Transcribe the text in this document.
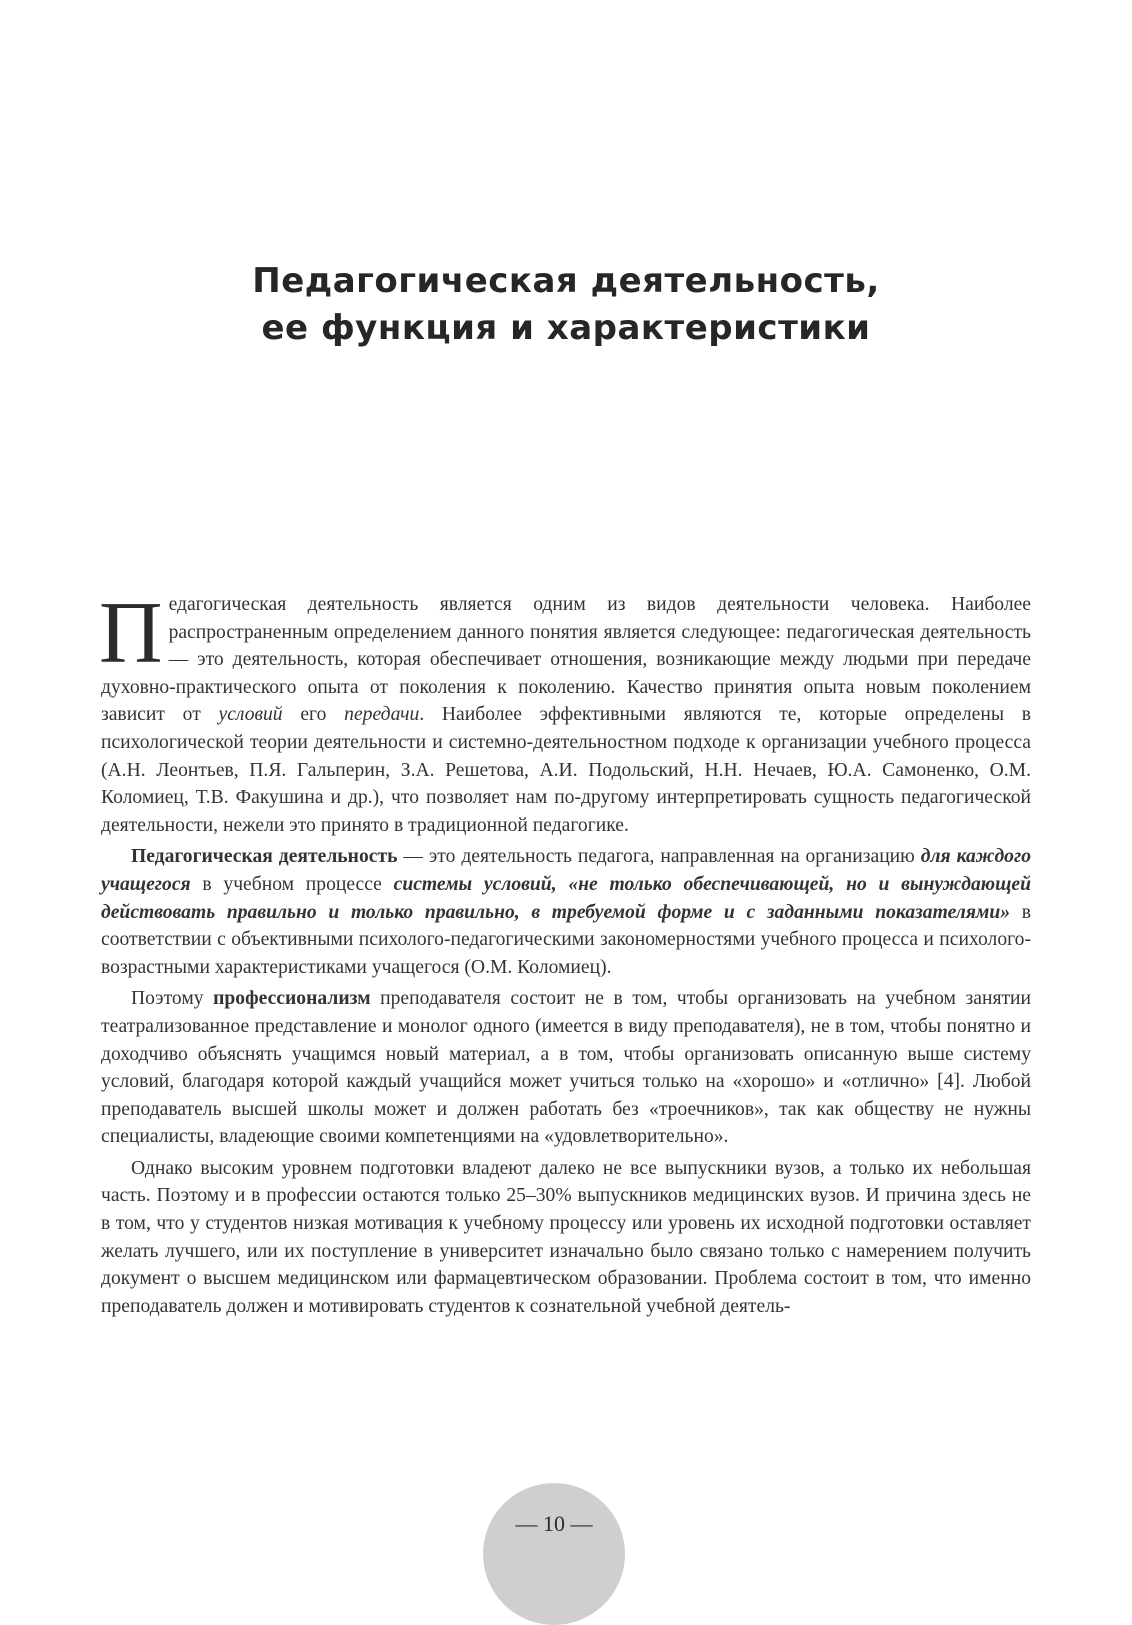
Педагогическая деятельность,
ее функция и характеристики

Педагогическая деятельность является одним из видов деятельности человека. Наиболее распространенным определением данного понятия является следующее: педагогическая деятельность — это деятельность, которая обеспечивает отношения, возникающие между людьми при передаче духовно-практического опыта от поколения к поколению. Качество принятия опыта новым поколением зависит от условий его передачи. Наиболее эффективными являются те, которые определены в психологической теории деятельности и системно-деятельностном подходе к организации учебного процесса (А.Н. Леонтьев, П.Я. Гальперин, З.А. Решетова, А.И. Подольский, Н.Н. Нечаев, Ю.А. Самоненко, О.М. Коломиец, Т.В. Факушина и др.), что позволяет нам по-другому интерпретировать сущность педагогической деятельности, нежели это принято в традиционной педагогике.

Педагогическая деятельность — это деятельность педагога, направленная на организацию для каждого учащегося в учебном процессе системы условий, «не только обеспечивающей, но и вынуждающей действовать правильно и только правильно, в требуемой форме и с заданными показателями» в соответствии с объективными психолого-педагогическими закономерностями учебного процесса и психолого-возрастными характеристиками учащегося (О.М. Коломиец).

Поэтому профессионализм преподавателя состоит не в том, чтобы организовать на учебном занятии театрализованное представление и монолог одного (имеется в виду преподавателя), не в том, чтобы понятно и доходчиво объяснять учащимся новый материал, а в том, чтобы организовать описанную выше систему условий, благодаря которой каждый учащийся может учиться только на «хорошо» и «отлично» [4]. Любой преподаватель высшей школы может и должен работать без «троечников», так как обществу не нужны специалисты, владеющие своими компетенциями на «удовлетворительно».

Однако высоким уровнем подготовки владеют далеко не все выпускники вузов, а только их небольшая часть. Поэтому и в профессии остаются только 25–30% выпускников медицинских вузов. И причина здесь не в том, что у студентов низкая мотивация к учебному процессу или уровень их исходной подготовки оставляет желать лучшего, или их поступление в университет изначально было связано только с намерением получить документ о высшем медицинском или фармацевтическом образовании. Проблема состоит в том, что именно преподаватель должен и мотивировать студентов к сознательной учебной деятель-

— 10 —
